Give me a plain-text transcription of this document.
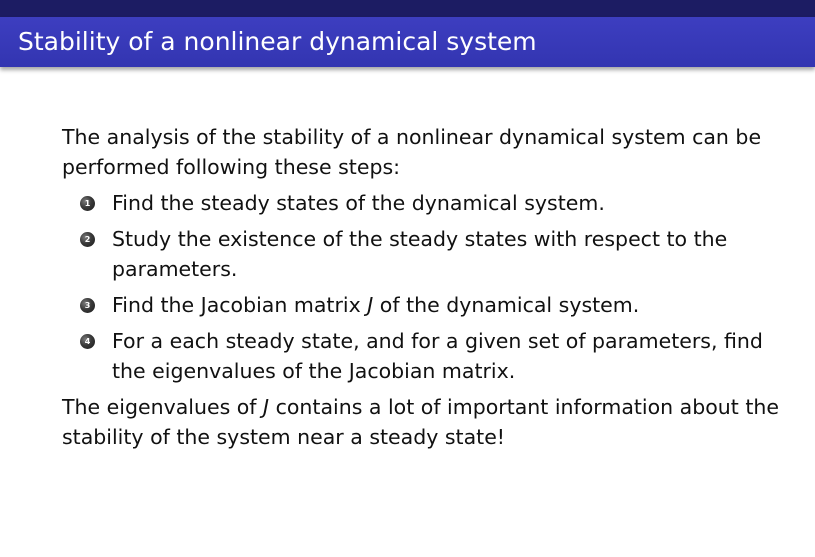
Stability of a nonlinear dynamical system

The analysis of the stability of a nonlinear dynamical system can be performed following these steps:

1 Find the steady states of the dynamical system.
2 Study the existence of the steady states with respect to the parameters.
3 Find the Jacobian matrix J of the dynamical system.
4 For a each steady state, and for a given set of parameters, find the eigenvalues of the Jacobian matrix.

The eigenvalues of J contains a lot of important information about the stability of the system near a steady state!
